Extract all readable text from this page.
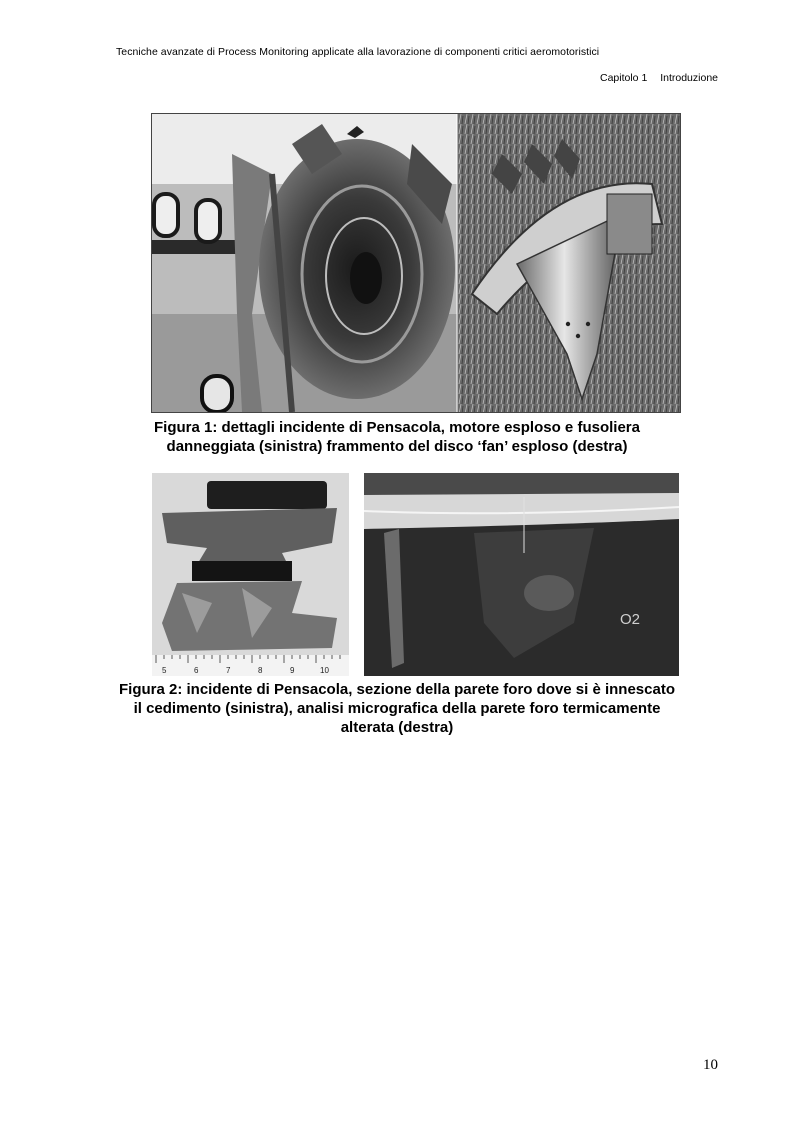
Tecniche avanzate di Process Monitoring applicate alla lavorazione di componenti critici aeromotoristici
Capitolo 1 Introduzione
Figura 1: dettagli incidente di Pensacola, motore esploso e fusoliera
danneggiata (sinistra) frammento del disco ‘fan’ esploso (destra)
5	6	7	8	9	10
O2
Figura 2: incidente di Pensacola, sezione della parete foro dove si è innescato
il cedimento (sinistra), analisi micrografica della parete foro termicamente
alterata (destra)
10
